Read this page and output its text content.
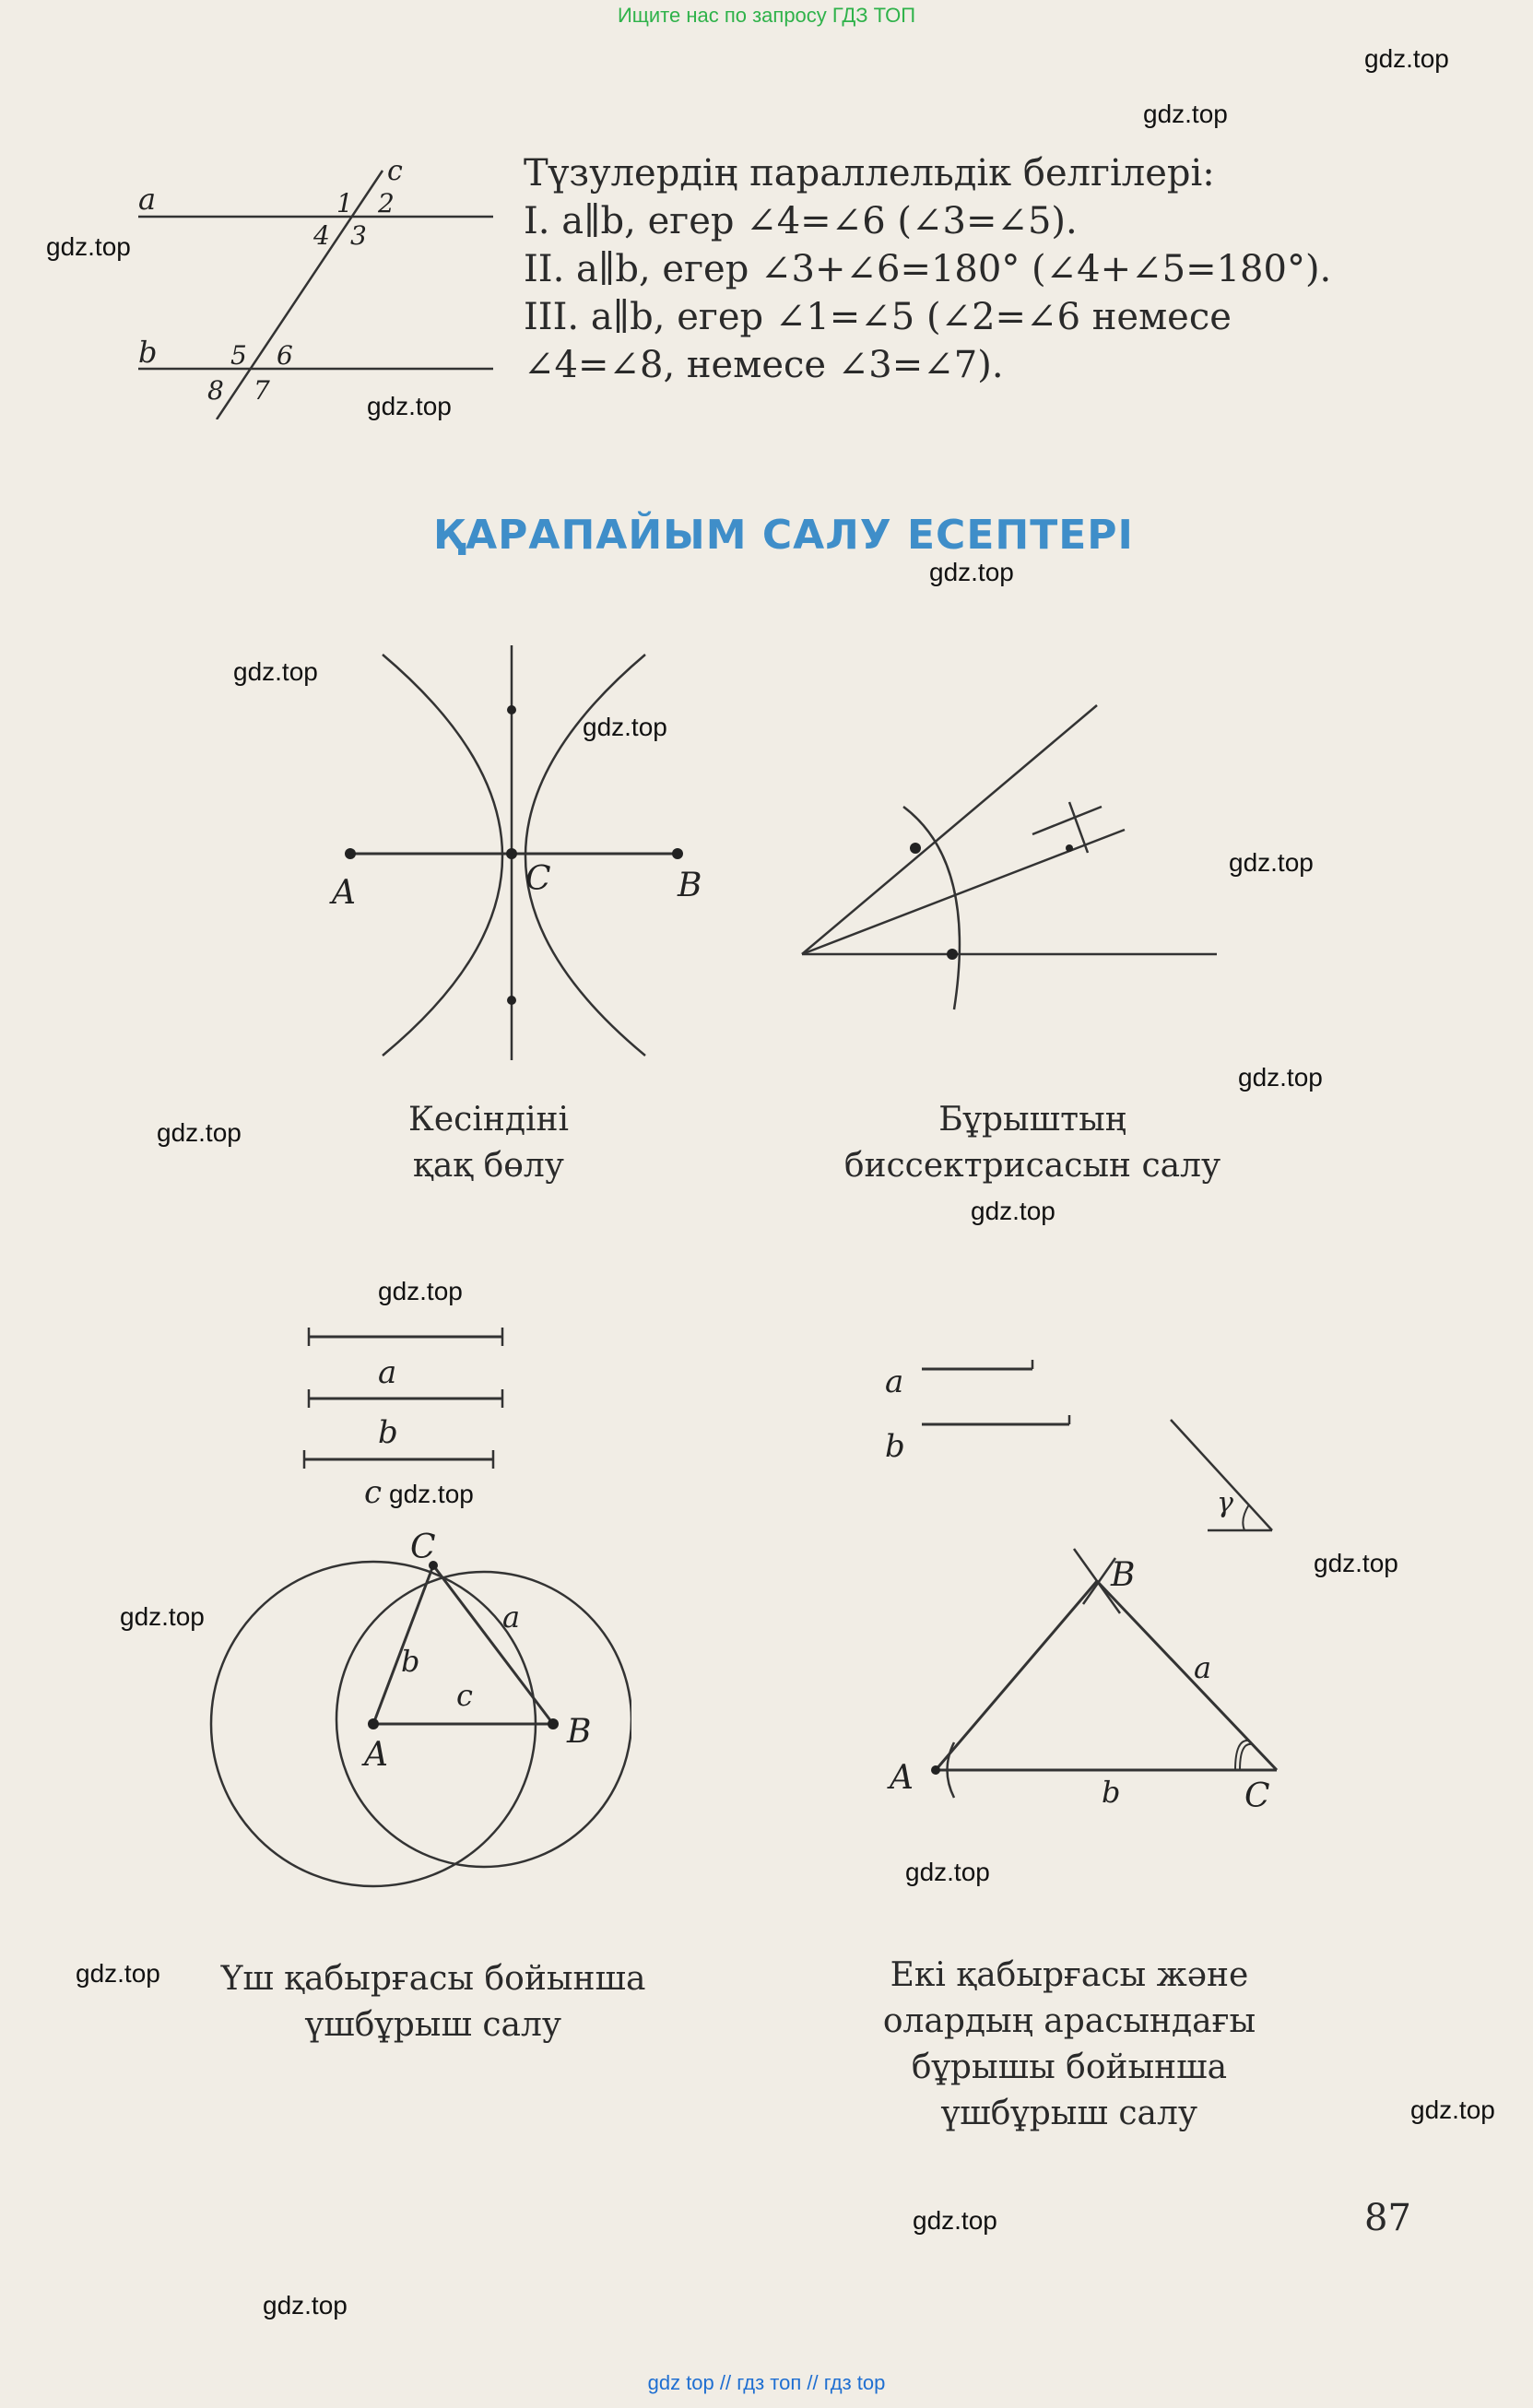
Ищите нас по запросу ГДЗ ТОП
a
b
c
1 2
4 3
5 6
8 7
Түзулердің параллельдік белгілері:
I. a∥b, егер ∠4=∠6 (∠3=∠5).
II. a∥b, егер ∠3+∠6=180° (∠4+∠5=180°).
III. a∥b, егер ∠1=∠5 (∠2=∠6 немесе
∠4=∠8, немесе ∠3=∠7).
ҚАРАПАЙЫМ САЛУ ЕСЕПТЕРІ
A	C	B
Кесіндіні
қақ бөлу
Бұрыштың
биссектрисасын салу
a
b
c
A
B
C
a
b
c
Үш қабырғасы бойынша
үшбұрыш салу
a
b
γ
A
B
C
a
b
Екі қабырғасы және
олардың арасындағы
бұрышы бойынша
үшбұрыш салу
87
gdz.top
gdz.top
gdz.top
gdz.top
gdz.top
gdz.top
gdz.top
gdz.top
gdz.top
gdz.top
gdz.top
gdz.top
gdz.top
gdz.top
gdz.top
gdz.top
gdz.top
gdz.top
gdz.top
gdz.top
gdz top // гдз топ // гдз top
